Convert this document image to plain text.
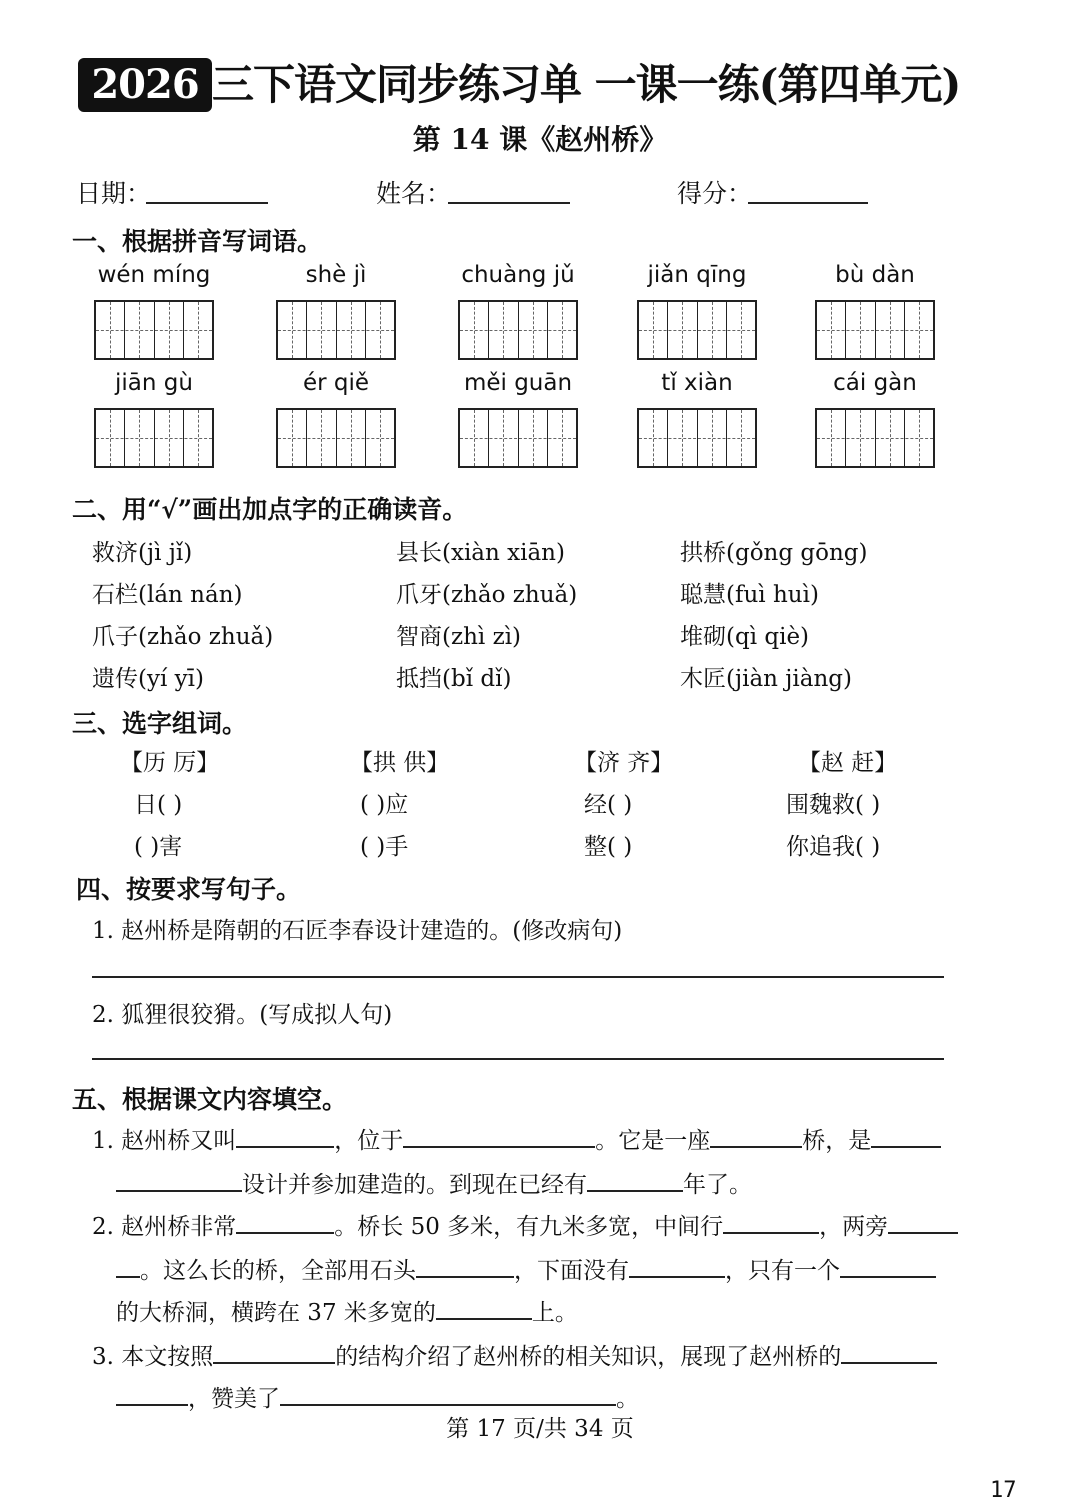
2026春
三下语文同步练习单 一课一练(第四单元)
第 14 课《赵州桥》
日期：	姓名：	得分：
一、根据拼音写词语。
wén míng	shè jì	chuàng jǔ	jiǎn qīng	bù dàn
jiān gù	ér qiě	měi guān	tǐ xiàn	cái gàn
二、用“√”画出加点字的正确读音。
救济(jì jǐ)	县长(xiàn xiān)	拱桥(gǒng gōng)
石栏(lán nán)	爪牙(zhǎo zhuǎ)	聪慧(fuì huì)
爪子(zhǎo zhuǎ)	智商(zhì zì)	堆砌(qì qiè)
遗传(yí yī)	抵挡(bǐ dǐ)	木匠(jiàn jiàng)
三、选字组词。
【历 厉】	【拱 供】	【济 齐】	【赵 赶】
日( )	( )应	经( )	围魏救( )
( )害	( )手	整( )	你追我( )
四、按要求写句子。
1. 赵州桥是隋朝的石匠李春设计建造的。(修改病句)
2. 狐狸很狡猾。(写成拟人句)
五、根据课文内容填空。
1. 赵州桥又叫	，位于	。它是一座	桥，是
设计并参加建造的。到现在已经有	年了。
2. 赵州桥非常	。桥长 50 多米，有九米多宽，中间行	，两旁
。这么长的桥，全部用石头	，下面没有	，只有一个
的大桥洞，横跨在 37 米多宽的	上。
3. 本文按照	的结构介绍了赵州桥的相关知识，展现了赵州桥的
，赞美了	。
第 17 页/共 34 页
17
